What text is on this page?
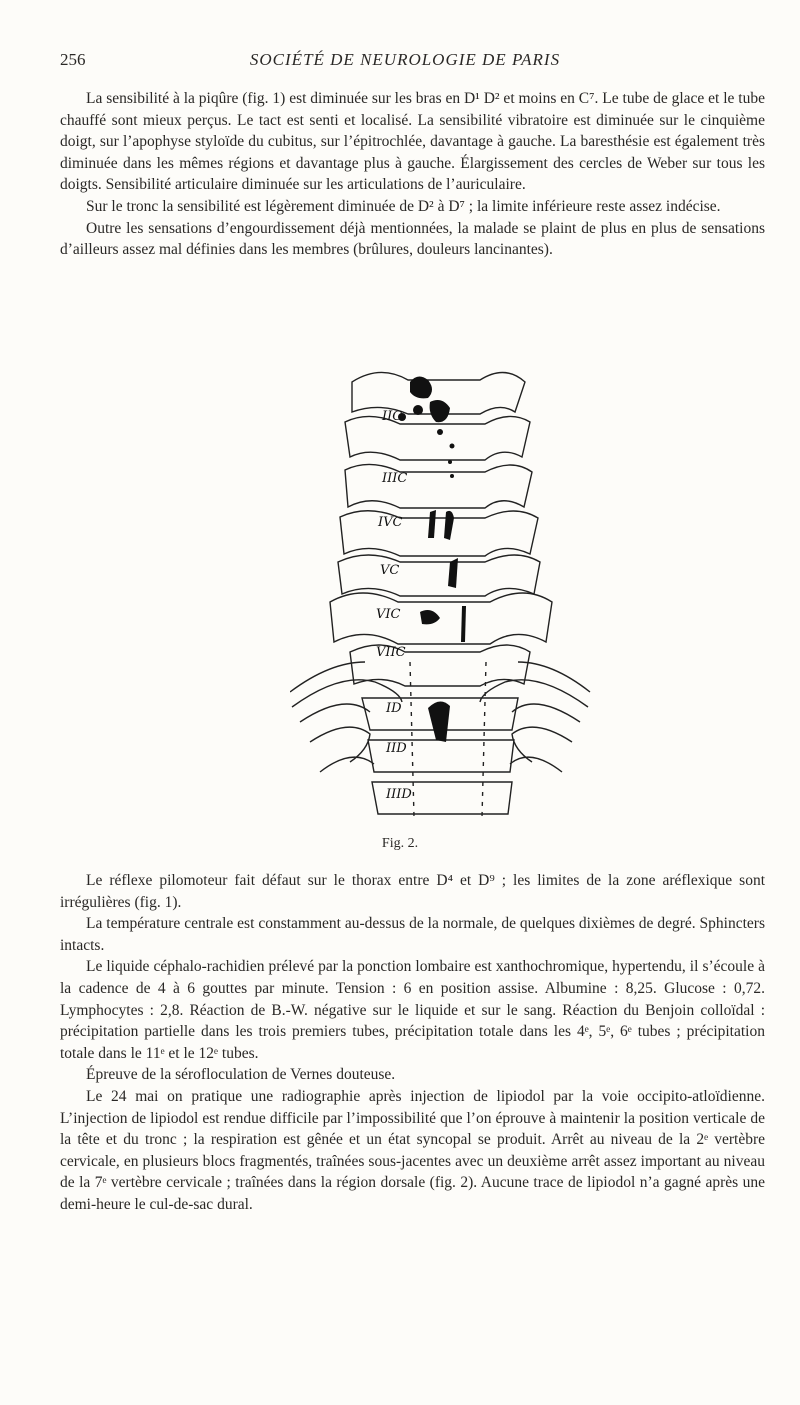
256	SOCIÉTÉ DE NEUROLOGIE DE PARIS

La sensibilité à la piqûre (fig. 1) est diminuée sur les bras en D¹ D² et moins en C⁷. Le tube de glace et le tube chauffé sont mieux perçus. Le tact est senti et localisé. La sensibilité vibratoire est diminuée sur le cinquième doigt, sur l’apophyse styloïde du cubitus, sur l’épitrochlée, davantage à gauche. La baresthésie est également très diminuée dans les mêmes régions et davantage plus à gauche. Élargissement des cercles de Weber sur tous les doigts. Sensibilité articulaire diminuée sur les articulations de l’auriculaire.

Sur le tronc la sensibilité est légèrement diminuée de D² à D⁷ ; la limite inférieure reste assez indécise.

Outre les sensations d’engourdissement déjà mentionnées, la malade se plaint de plus en plus de sensations d’ailleurs assez mal définies dans les membres (brûlures, douleurs lancinantes).

IIC
IIIC
IVC
VC
VIC
VIIC
ID
IID
IIID
Fig. 2.

Le réflexe pilomoteur fait défaut sur le thorax entre D⁴ et D⁹ ; les limites de la zone aréflexique sont irrégulières (fig. 1).

La température centrale est constamment au-dessus de la normale, de quelques dixièmes de degré. Sphincters intacts.

Le liquide céphalo-rachidien prélevé par la ponction lombaire est xanthochromique, hypertendu, il s’écoule à la cadence de 4 à 6 gouttes par minute. Tension : 6 en position assise. Albumine : 8,25. Glucose : 0,72. Lymphocytes : 2,8. Réaction de B.-W. négative sur le liquide et sur le sang. Réaction du Benjoin colloïdal : précipitation partielle dans les trois premiers tubes, précipitation totale dans les 4ᵉ, 5ᵉ, 6ᵉ tubes ; précipitation totale dans le 11ᵉ et le 12ᵉ tubes.

Épreuve de la sérofloculation de Vernes douteuse.

Le 24 mai on pratique une radiographie après injection de lipiodol par la voie occipito-atloïdienne. L’injection de lipiodol est rendue difficile par l’impossibilité que l’on éprouve à maintenir la position verticale de la tête et du tronc ; la respiration est gênée et un état syncopal se produit. Arrêt au niveau de la 2ᵉ vertèbre cervicale, en plusieurs blocs fragmentés, traînées sous-jacentes avec un deuxième arrêt assez important au niveau de la 7ᵉ vertèbre cervicale ; traînées dans la région dorsale (fig. 2). Aucune trace de lipiodol n’a gagné après une demi-heure le cul-de-sac dural.
